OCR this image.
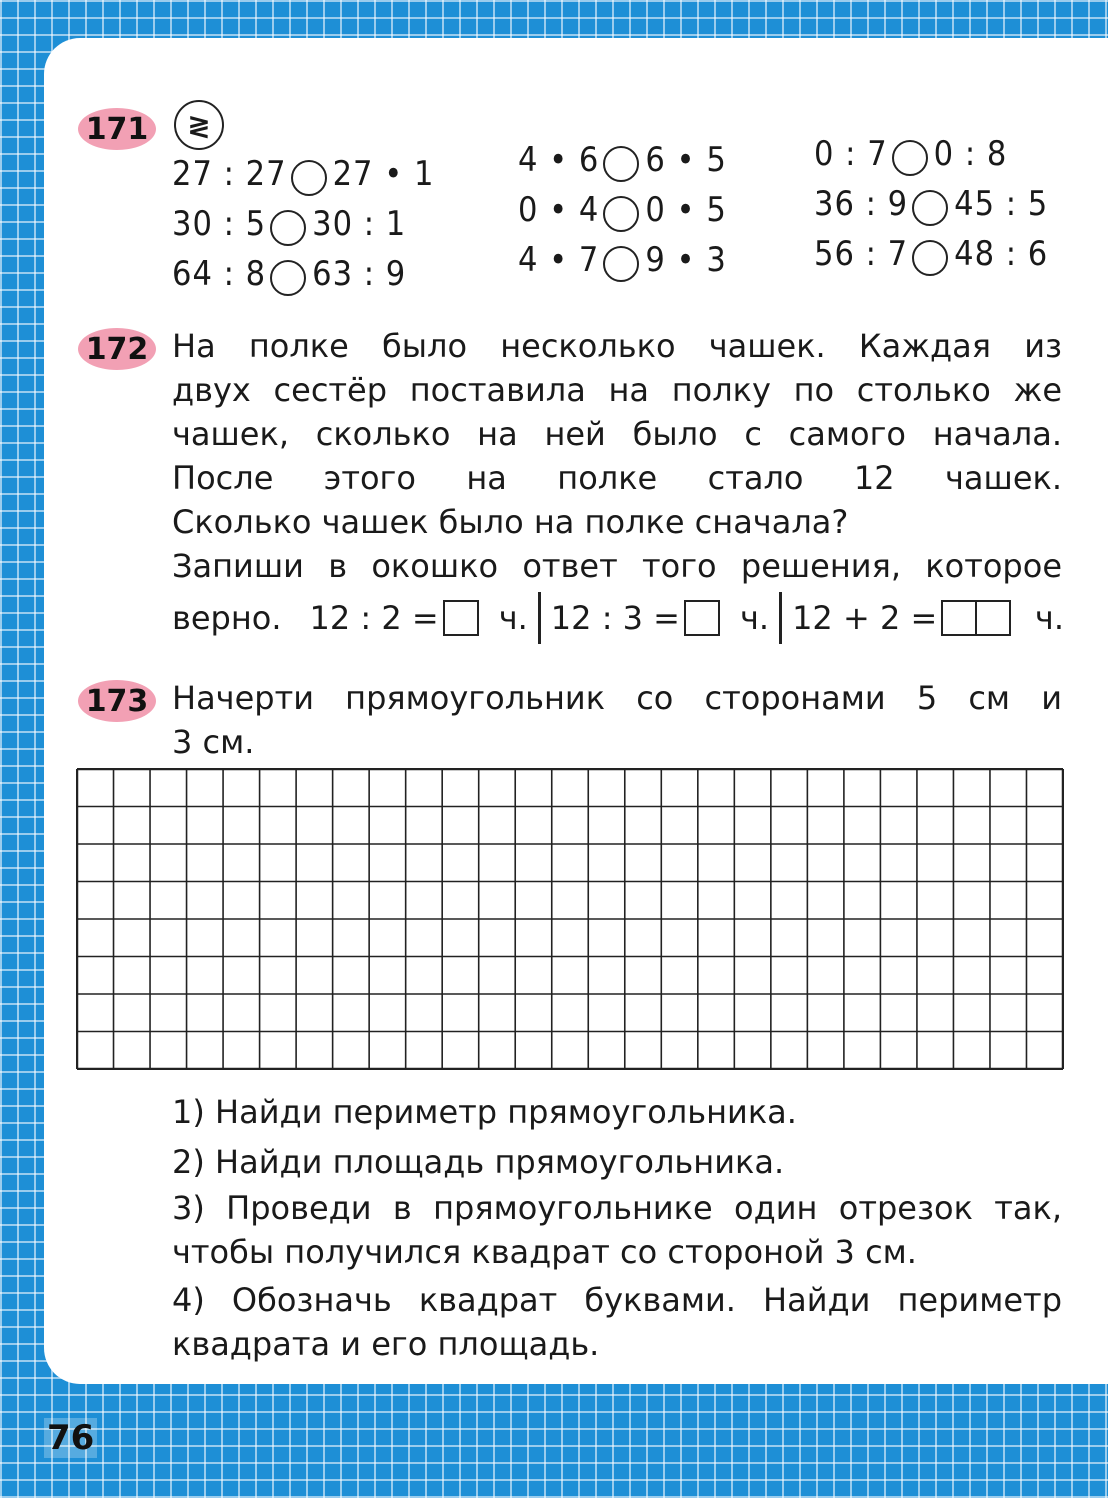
76
171 ≷
27 : 27 27 • 1
30 : 5 30 : 1
64 : 8 63 : 9
4 • 6 6 • 5
0 • 4 0 • 5
4 • 7 9 • 3
0 : 7 0 : 8
36 : 9 45 : 5
56 : 7 48 : 6
172 На полке было несколько чашек. Каждая из
двух сестёр поставила на полку по столько же
чашек, сколько на ней было с самого начала.
После этого на полке стало 12 чашек.
Сколько чашек было на полке сначала?
Запиши в окошко ответ того решения, которое
верно. 12 : 2 = ч. 12 : 3 = ч. 12 + 2 =	ч.
173 Начерти прямоугольник со сторонами 5 см и
3 см.
1) Найди периметр прямоугольника.
2) Найди площадь прямоугольника.
3) Проведи в прямоугольнике один отрезок так,
чтобы получился квадрат со стороной 3 см.
4) Обозначь квадрат буквами. Найди периметр
квадрата и его площадь.
